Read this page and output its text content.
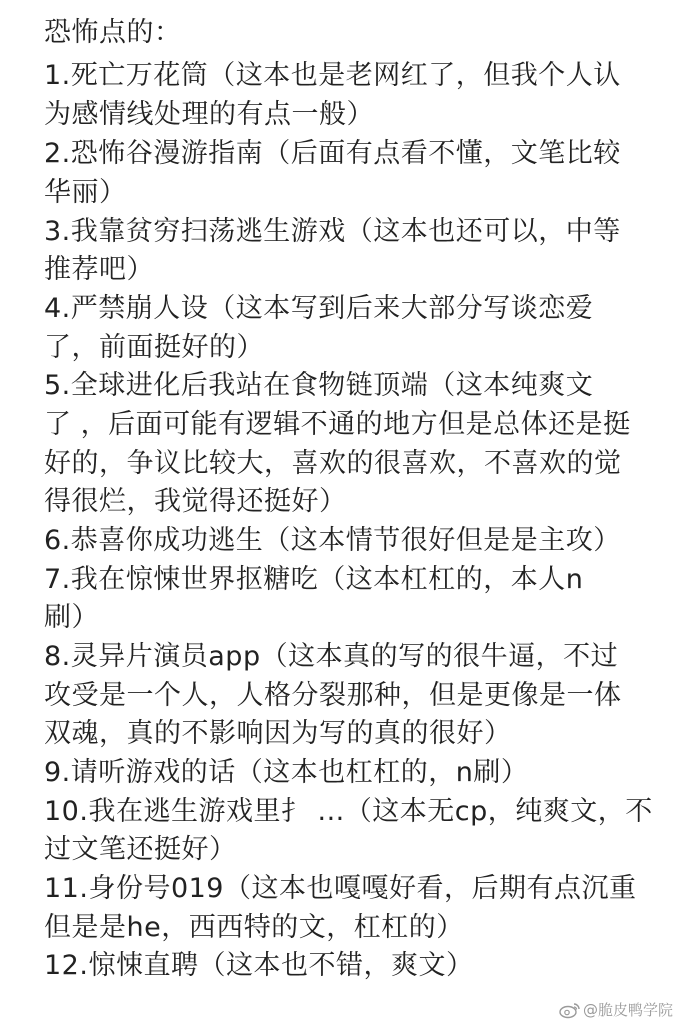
恐怖点的：
1.死亡万花筒（这本也是老网红了，但我个人认
为感情线处理的有点一般）
2.恐怖谷漫游指南（后面有点看不懂，文笔比较
华丽）
3.我靠贫穷扫荡逃生游戏（这本也还可以，中等
推荐吧）
4.严禁崩人设（这本写到后来大部分写谈恋爱
了，前面挺好的）
5.全球进化后我站在食物链顶端（这本纯爽文
了 ，后面可能有逻辑不通的地方但是总体还是挺
好的，争议比较大，喜欢的很喜欢，不喜欢的觉
得很烂，我觉得还挺好）
6.恭喜你成功逃生（这本情节很好但是是主攻）
7.我在惊悚世界抠糖吃（这本杠杠的，本人n
刷）
8.灵异片演员app（这本真的写的很牛逼，不过
攻受是一个人，人格分裂那种，但是更像是一体
双魂，真的不影响因为写的真的很好）
9.请听游戏的话（这本也杠杠的，n刷）
10.我在逃生游戏里扌 ...（这本无cp，纯爽文，不
过文笔还挺好）
11.身份号019（这本也嘎嘎好看，后期有点沉重
但是是he，西西特的文，杠杠的）
12.惊悚直聘（这本也不错，爽文）
@脆皮鸭学院
